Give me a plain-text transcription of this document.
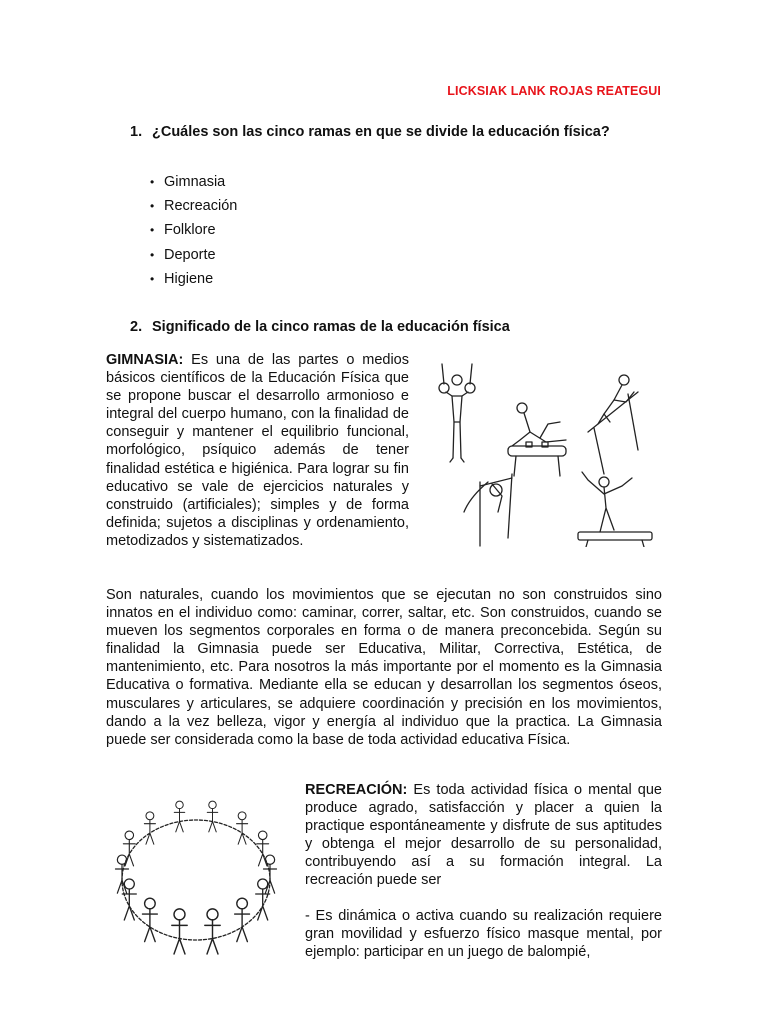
LICKSIAK LANK ROJAS REATEGUI
1. ¿Cuáles son las cinco ramas en que se divide la educación física?
• Gimnasia
• Recreación
• Folklore
• Deporte
• Higiene
2. Significado de la cinco ramas de la educación física
GIMNASIA: Es una de las partes o medios básicos científicos de la Educación Física que se propone buscar el desarrollo armonioso e integral del cuerpo humano, con la finalidad de conseguir y mantener el equilibrio funcional, morfológico, psíquico además de tener finalidad estética e higiénica. Para lograr su fin educativo se vale de ejercicios naturales y construido (artificiales); simples y de forma definida; sujetos a disciplinas y ordenamiento, metodizados y sistematizados.
Son naturales, cuando los movimientos que se ejecutan no son construidos sino innatos en el individuo como: caminar, correr, saltar, etc. Son construidos, cuando se mueven los segmentos corporales en forma o de manera preconcebida. Según su finalidad la Gimnasia puede ser Educativa, Militar, Correctiva, Estética, de mantenimiento, etc. Para nosotros la más importante por el momento es la Gimnasia Educativa o formativa. Mediante ella se educan y desarrollan los segmentos óseos, musculares y articulares, se adquiere coordinación y precisión en los movimientos, dando a la vez belleza, vigor y energía al individuo que la practica. La Gimnasia puede ser considerada como la base de toda actividad educativa Física.
RECREACIÓN: Es toda actividad física o mental que produce agrado, satisfacción y placer a quien la practique espontáneamente y disfrute de sus aptitudes y obtenga el mejor desarrollo de su personalidad, contribuyendo así a su formación integral. La recreación puede ser
- Es dinámica o activa cuando su realización requiere gran movilidad y esfuerzo físico masque mental, por ejemplo: participar en un juego de balompié,
